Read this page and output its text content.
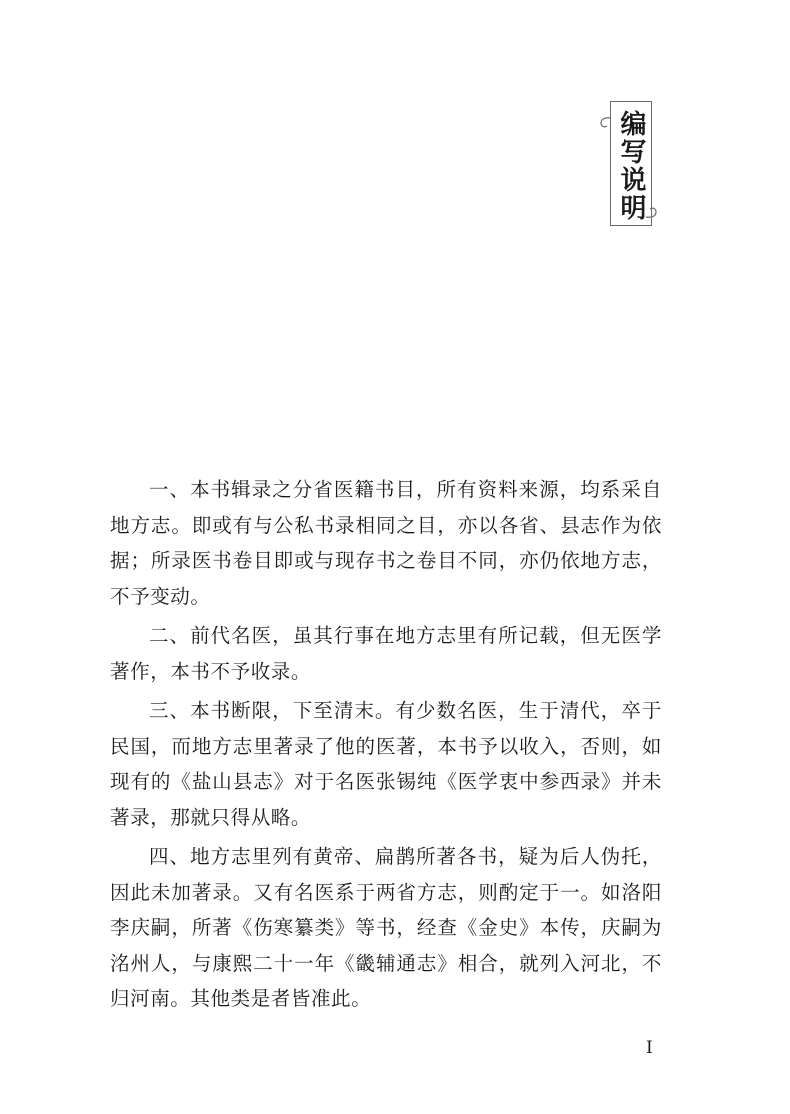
编写说明

一、本书辑录之分省医籍书目，所有资料来源，均系采自地方志。即或有与公私书录相同之目，亦以各省、县志作为依据；所录医书卷目即或与现存书之卷目不同，亦仍依地方志，不予变动。

二、前代名医，虽其行事在地方志里有所记载，但无医学著作，本书不予收录。

三、本书断限，下至清末。有少数名医，生于清代，卒于民国，而地方志里著录了他的医著，本书予以收入，否则，如现有的《盐山县志》对于名医张锡纯《医学衷中参西录》并未著录，那就只得从略。

四、地方志里列有黄帝、扁鹊所著各书，疑为后人伪托，因此未加著录。又有名医系于两省方志，则酌定于一。如洛阳李庆嗣，所著《伤寒纂类》等书，经查《金史》本传，庆嗣为洺州人，与康熙二十一年《畿辅通志》相合，就列入河北，不归河南。其他类是者皆准此。

I
